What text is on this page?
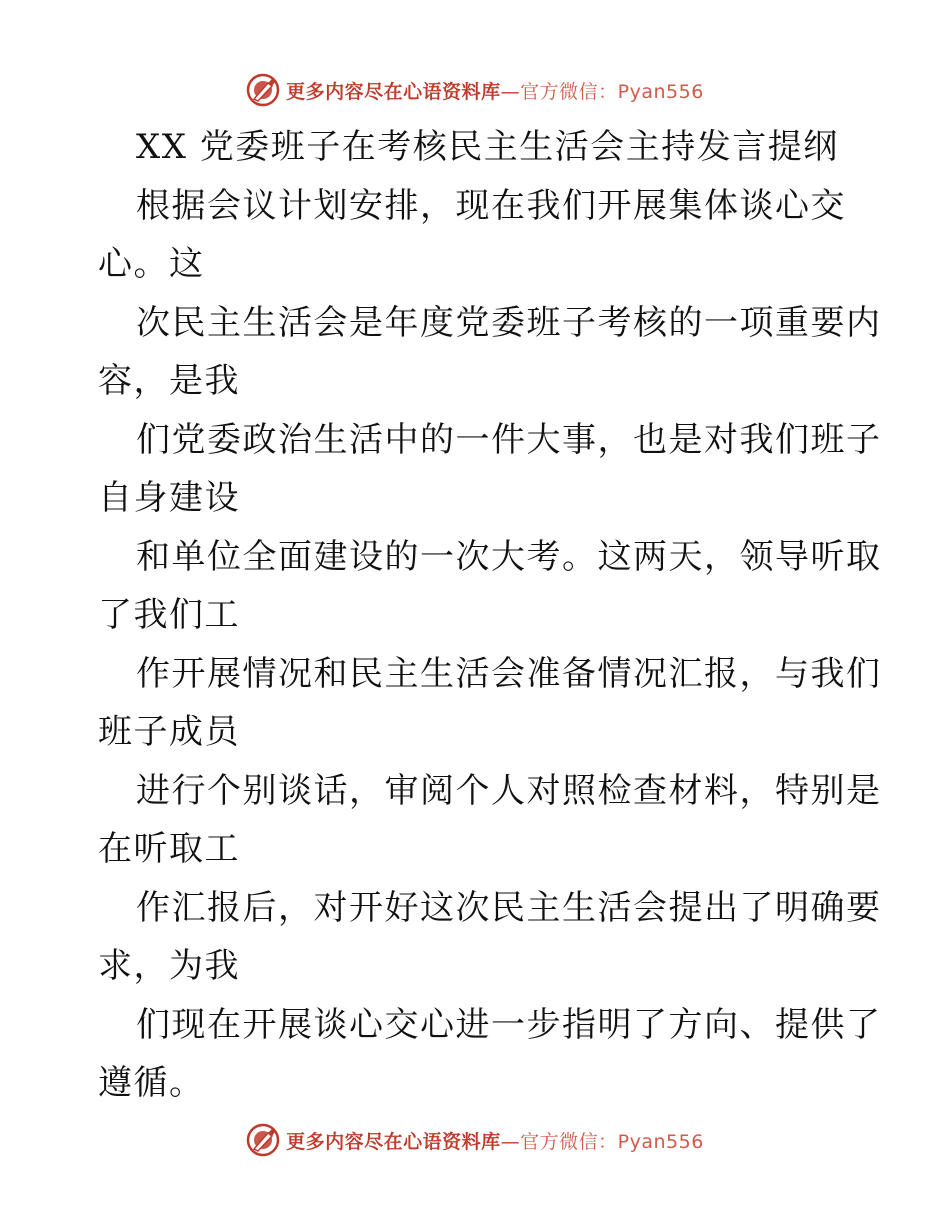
更多内容尽在心语资料库—官方微信：Pyan556
XX 党委班子在考核民主生活会主持发言提纲
根据会议计划安排，现在我们开展集体谈心交
心。这
次民主生活会是年度党委班子考核的一项重要内
容，是我
们党委政治生活中的一件大事，也是对我们班子
自身建设
和单位全面建设的一次大考。这两天，领导听取
了我们工
作开展情况和民主生活会准备情况汇报，与我们
班子成员
进行个别谈话，审阅个人对照检查材料，特别是
在听取工
作汇报后，对开好这次民主生活会提出了明确要
求，为我
们现在开展谈心交心进一步指明了方向、提供了
遵循。
更多内容尽在心语资料库—官方微信：Pyan556
